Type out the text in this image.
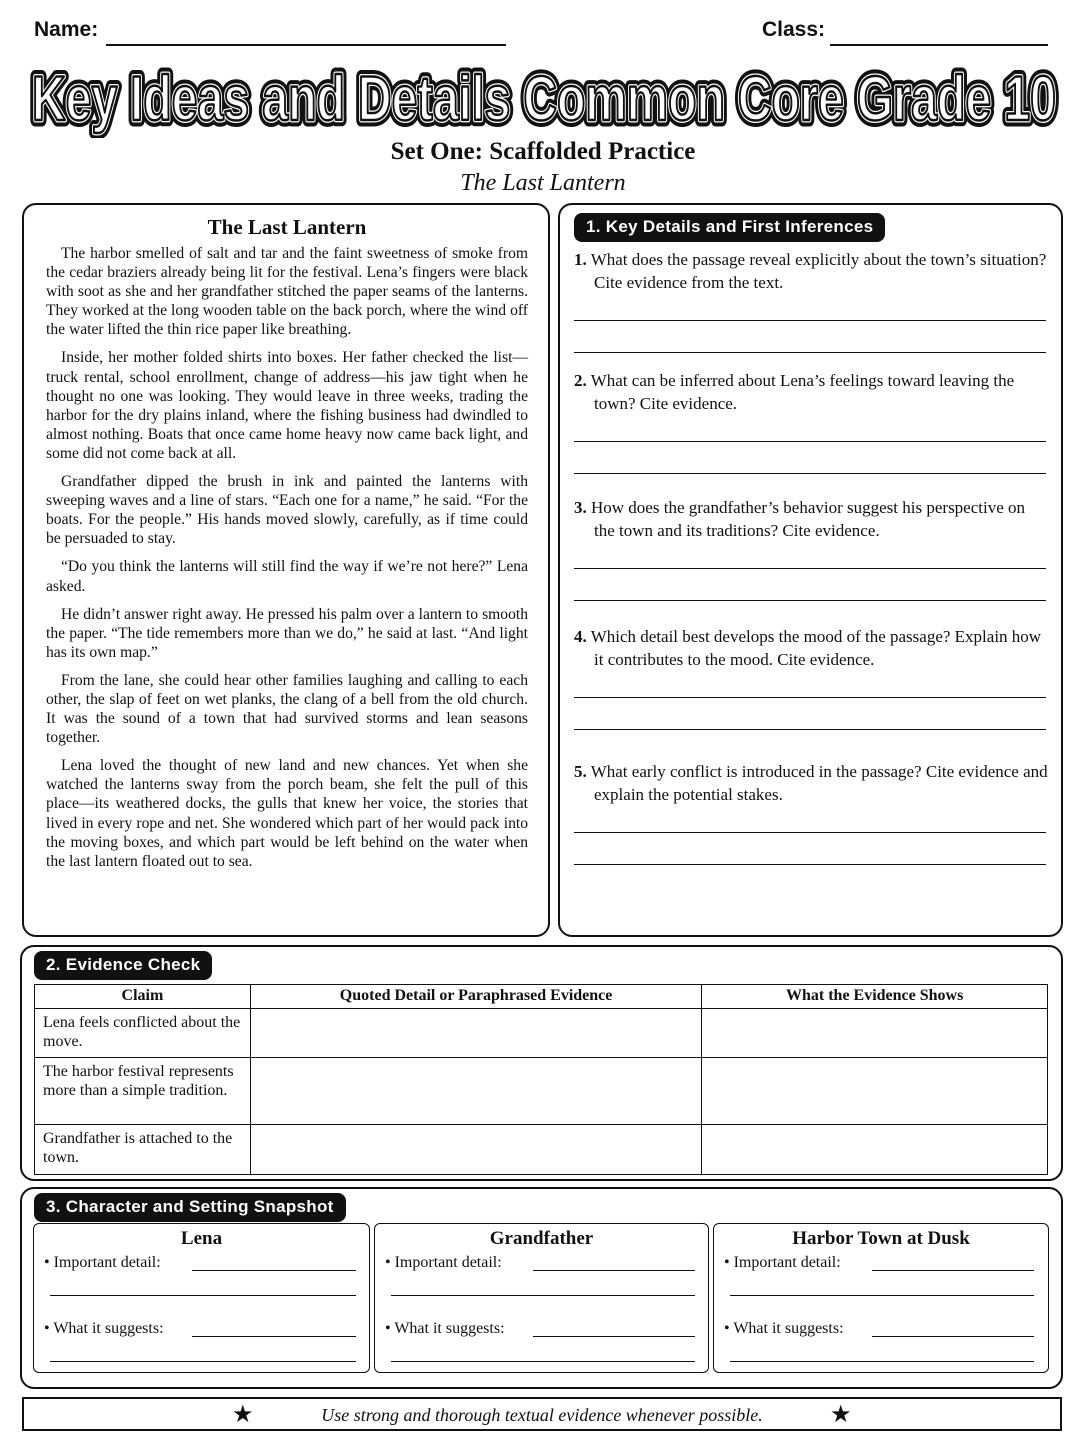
Name:	Class:
Key Ideas and Details Common Core Grade 10
Key Ideas and Details Common Core Grade 10
Key Ideas and Details Common Core Grade 10
Set One: Scaffolded Practice
The Last Lantern
The Last Lantern

The harbor smelled of salt and tar and the faint sweetness of smoke from the cedar braziers already being lit for the festival. Lena’s fingers were black with soot as she and her grandfather stitched the paper seams of the lanterns. They worked at the long wooden table on the back porch, where the wind off the water lifted the thin rice paper like breathing.

Inside, her mother folded shirts into boxes. Her father checked the list—truck rental, school enrollment, change of address—his jaw tight when he thought no one was looking. They would leave in three weeks, trading the harbor for the dry plains inland, where the fishing business had dwindled to almost nothing. Boats that once came home heavy now came back light, and some did not come back at all.

Grandfather dipped the brush in ink and painted the lanterns with sweeping waves and a line of stars. “Each one for a name,” he said. “For the boats. For the people.” His hands moved slowly, carefully, as if time could be persuaded to stay.

“Do you think the lanterns will still find the way if we’re not here?” Lena asked.

He didn’t answer right away. He pressed his palm over a lantern to smooth the paper. “The tide remembers more than we do,” he said at last. “And light has its own map.”

From the lane, she could hear other families laughing and calling to each other, the slap of feet on wet planks, the clang of a bell from the old church. It was the sound of a town that had survived storms and lean seasons together.

Lena loved the thought of new land and new chances. Yet when she watched the lanterns sway from the porch beam, she felt the pull of this place—its weathered docks, the gulls that knew her voice, the stories that lived in every rope and net. She wondered which part of her would pack into the moving boxes, and which part would be left behind on the water when the last lantern floated out to sea.

1. Key Details and First Inferences
1. What does the passage reveal explicitly about the town’s situation? Cite evidence from the text.
2. What can be inferred about Lena’s feelings toward leaving the town? Cite evidence.
3. How does the grandfather’s behavior suggest his perspective on the town and its traditions? Cite evidence.
4. Which detail best develops the mood of the passage? Explain how it contributes to the mood. Cite evidence.
5. What early conflict is introduced in the passage? Cite evidence and explain the potential stakes.
2. Evidence Check
Claim	Quoted Detail or Paraphrased Evidence	What the Evidence Shows
Lena feels conflicted about the move.		
The harbor festival represents more than a simple tradition.		
Grandfather is attached to the town.		
3. Character and Setting Snapshot
Lena
• Important detail:
• What it suggests:
Grandfather
• Important detail:
• What it suggests:
Harbor Town at Dusk
• Important detail:
• What it suggests:
★	Use strong and thorough textual evidence whenever possible.	★
